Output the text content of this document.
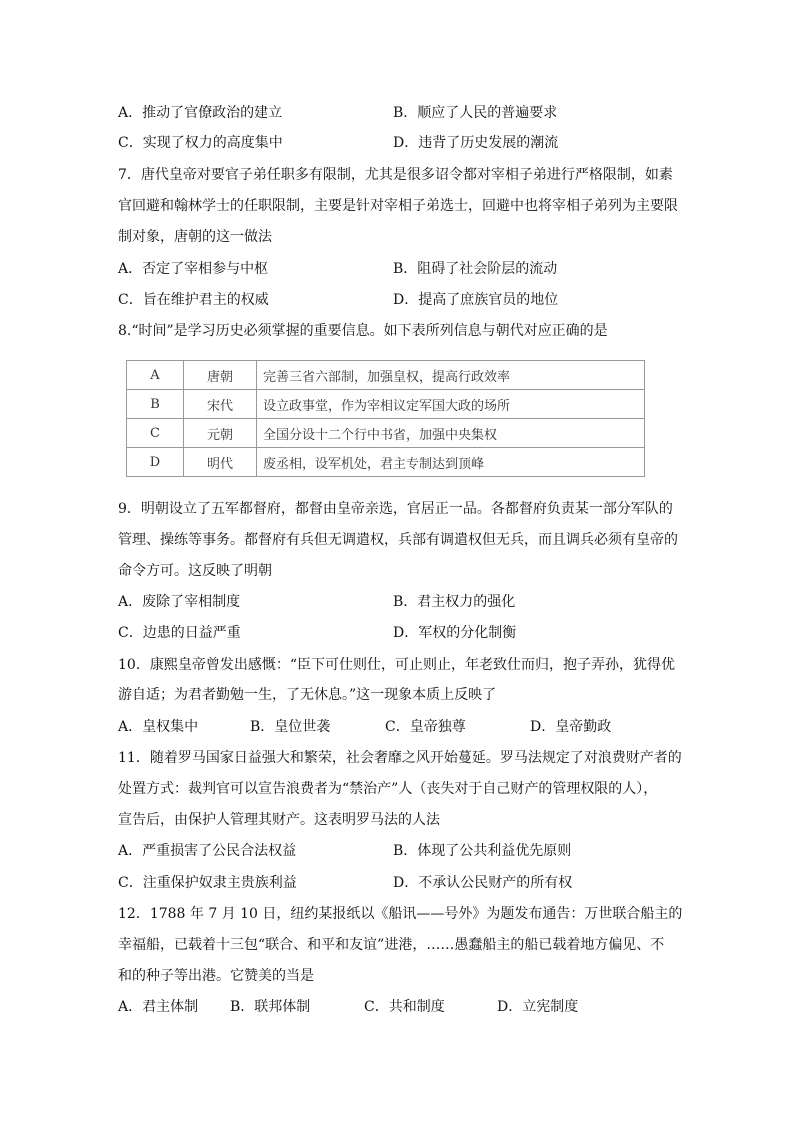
A．推动了官僚政治的建立	B．顺应了人民的普遍要求
C．实现了权力的高度集中	D．违背了历史发展的潮流
7．唐代皇帝对要官子弟任职多有限制，尤其是很多诏令都对宰相子弟进行严格限制，如素
官回避和翰林学士的任职限制，主要是针对宰相子弟选士，回避中也将宰相子弟列为主要限
制对象，唐朝的这一做法
A．否定了宰相参与中枢	B．阻碍了社会阶层的流动
C．旨在维护君主的权威	D．提高了庶族官员的地位
8.“时间”是学习历史必须掌握的重要信息。如下表所列信息与朝代对应正确的是
A	唐朝	完善三省六部制，加强皇权，提高行政效率
B	宋代	设立政事堂，作为宰相议定军国大政的场所
C	元朝	全国分设十二个行中书省，加强中央集权
D	明代	废丞相，设军机处，君主专制达到顶峰
9．明朝设立了五军都督府，都督由皇帝亲选，官居正一品。各都督府负责某一部分军队的
管理、操练等事务。都督府有兵但无调遣权，兵部有调遣权但无兵，而且调兵必须有皇帝的
命令方可。这反映了明朝
A．废除了宰相制度	B．君主权力的强化
C．边患的日益严重	D．军权的分化制衡
10．康熙皇帝曾发出感慨：“臣下可仕则仕，可止则止，年老致仕而归，抱子弄孙，犹得优
游自适；为君者勤勉一生，了无休息。”这一现象本质上反映了
A．皇权集中	B．皇位世袭	C．皇帝独尊	D．皇帝勤政
11．随着罗马国家日益强大和繁荣，社会奢靡之风开始蔓延。罗马法规定了对浪费财产者的
处置方式：裁判官可以宣告浪费者为“禁治产”人（丧失对于自己财产的管理权限的人），
宣告后，由保护人管理其财产。这表明罗马法的人法
A．严重损害了公民合法权益	B．体现了公共利益优先原则
C．注重保护奴隶主贵族利益	D．不承认公民财产的所有权
12．1788 年 7 月 10 日，纽约某报纸以《船讯——号外》为题发布通告：万世联合船主的
幸福船，已载着十三包“联合、和平和友谊”进港，……愚蠢船主的船已载着地方偏见、不
和的种子等出港。它赞美的当是
A．君主体制 B．联邦体制	C．共和制度	D．立宪制度
